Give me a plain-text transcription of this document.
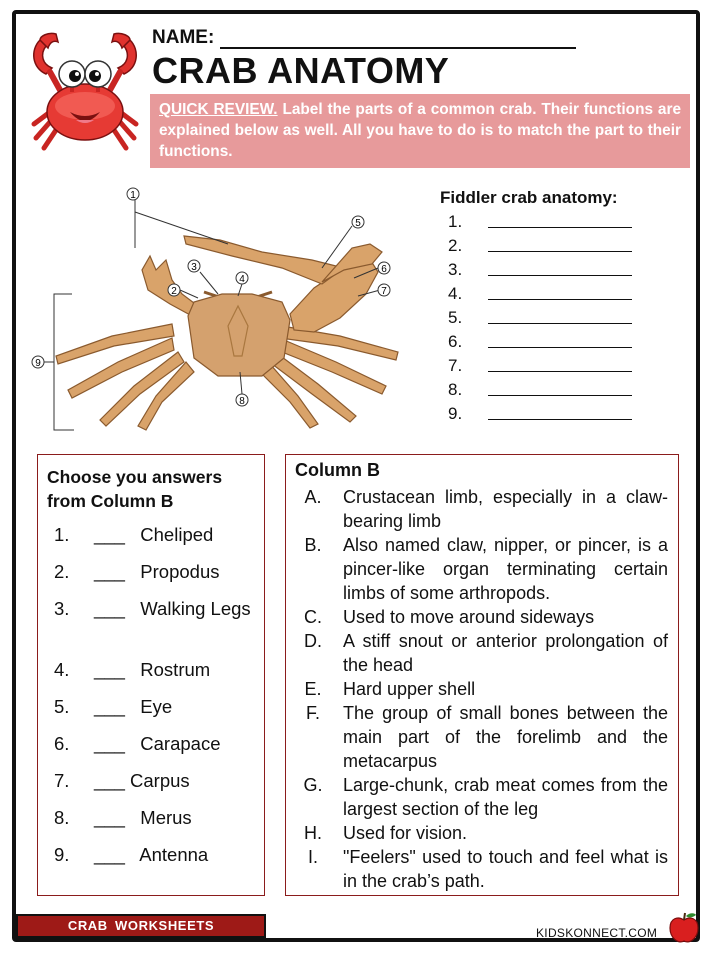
NAME:
CRAB ANATOMY
QUICK REVIEW. Label the parts of a common crab. Their functions are explained below as well. All you have to do is to match the part to their functions.
1
2
3
4
5
6
7
8
9
Fiddler crab anatomy:
1.
2.
3.
4.
5.
6.
7.
8.
9.
Choose you answers from Column B
1. ___   Cheliped
2. ___   Propodus
3. ___   Walking Legs
4. ___   Rostrum
5. ___   Eye
6. ___   Carapace
7. ___ Carpus
8. ___   Merus
9. ___   Antenna
Column B
A. Crustacean limb, especially in a claw-bearing limb
B. Also named claw, nipper, or pincer, is a pincer-like organ terminating certain limbs of some arthropods.
C. Used to move around sideways
D. A stiff snout or anterior prolongation of the head
E. Hard upper shell
F.	The group of small bones between the main part of the forelimb and the metacarpus
G. Large-chunk, crab meat comes from the largest section of the leg
H. Used for vision.
I.	"Feelers" used to touch and feel what is in the crab’s path.
CRAB WORKSHEETS	KIDSKONNECT.COM
